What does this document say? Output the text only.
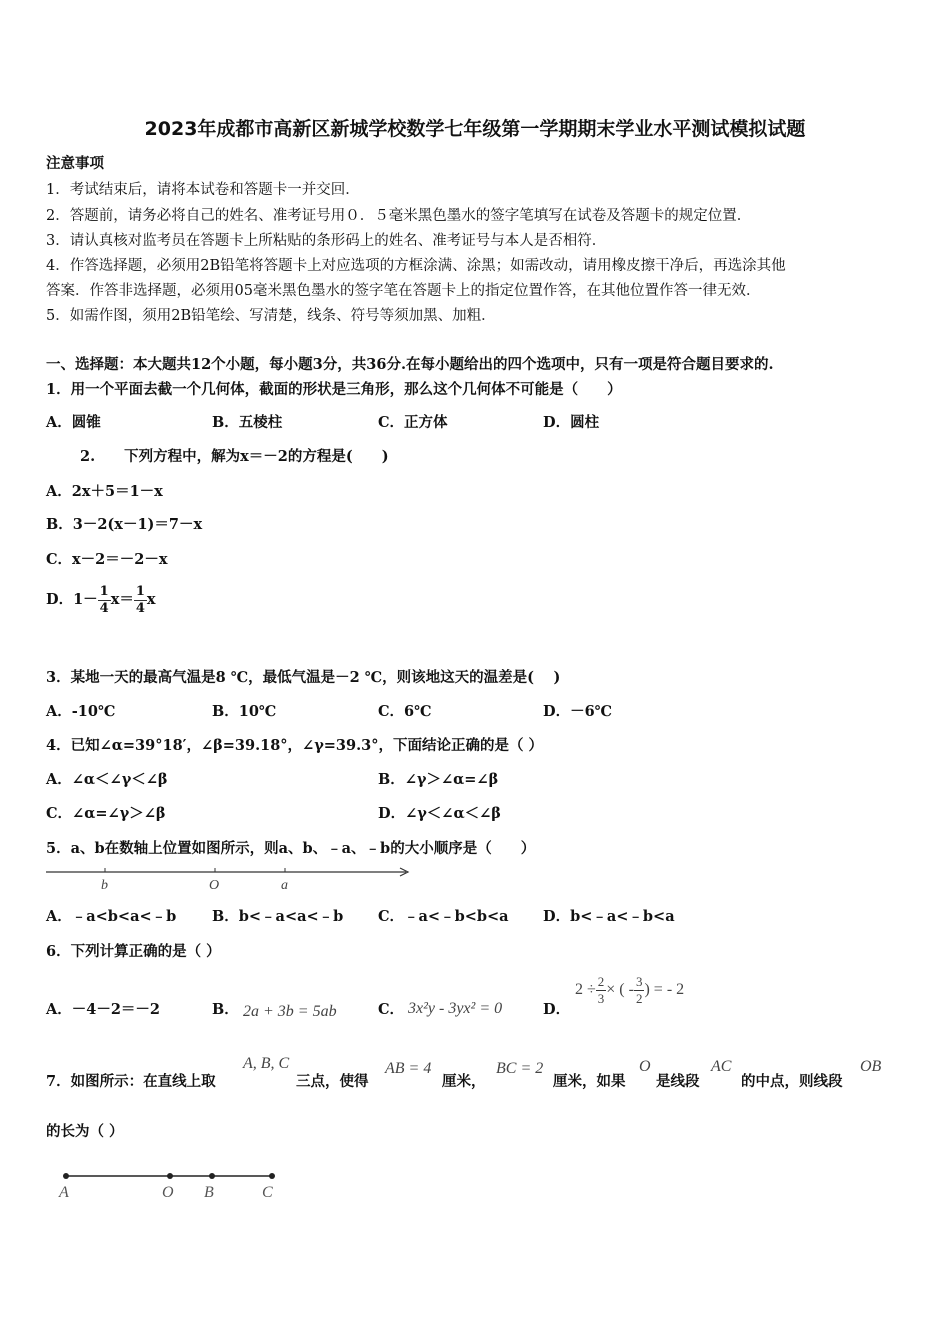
2023年成都市高新区新城学校数学七年级第一学期期末学业水平测试模拟试题
注意事项
1．考试结束后，请将本试卷和答题卡一并交回．
2．答题前，请务必将自己的姓名、准考证号用０．５毫米黑色墨水的签字笔填写在试卷及答题卡的规定位置．
3．请认真核对监考员在答题卡上所粘贴的条形码上的姓名、准考证号与本人是否相符．
4．作答选择题，必须用2B铅笔将答题卡上对应选项的方框涂满、涂黑；如需改动，请用橡皮擦干净后，再选涂其他
答案．作答非选择题，必须用05毫米黑色墨水的签字笔在答题卡上的指定位置作答，在其他位置作答一律无效．
5．如需作图，须用2B铅笔绘、写清楚，线条、符号等须加黑、加粗．
一、选择题：本大题共12个小题，每小题3分，共36分.在每小题给出的四个选项中，只有一项是符合题目要求的.
1．用一个平面去截一个几何体，截面的形状是三角形，那么这个几何体不可能是（　　）
A．圆锥	B．五棱柱	C．正方体	D．圆柱
2.　　下列方程中，解为x＝－2的方程是(　　)
A．2x＋5＝1－x
B．3－2(x－1)＝7－x
C．x－2＝－2－x
D．$1- \frac{1}{4} x= \frac{1}{4}$ x
3．某地一天的最高气温是8 ℃，最低气温是－2 ℃，则该地这天的温差是(　 )
A．-10℃	B．10℃	C．6℃	D．－6℃
4．已知∠α=39°18′，∠β=39.18°，∠γ=39.3°，下面结论正确的是（ ）
A．∠α＜∠γ＜∠β	B．∠γ＞∠α=∠β
C．∠α=∠γ＞∠β	D．∠γ＜∠α＜∠β
5．a、b在数轴上位置如图所示，则a、b、﹣a、﹣b的大小顺序是（　　）
b	O	a
A．﹣a<b<a<﹣b B．b<﹣a<a<﹣b C．﹣a<﹣b<b<a D．b<﹣a<﹣b<a
6．下列计算正确的是（ ）
A．－4－2＝－2	B． 2a + 3b = 5ab	C． 3x²y - 3yx² = 0	D．
$2 \div \frac{2}{3}$ × ( - $\frac{3}{2}$ ) = - 2
7．如图所示：在直线上取
A, B, C
三点，使得
AB = 4
厘米，
BC = 2
厘米，如果
O
是线段
AC
的中点，则线段
OB
的长为（ ）
A	O B	C
